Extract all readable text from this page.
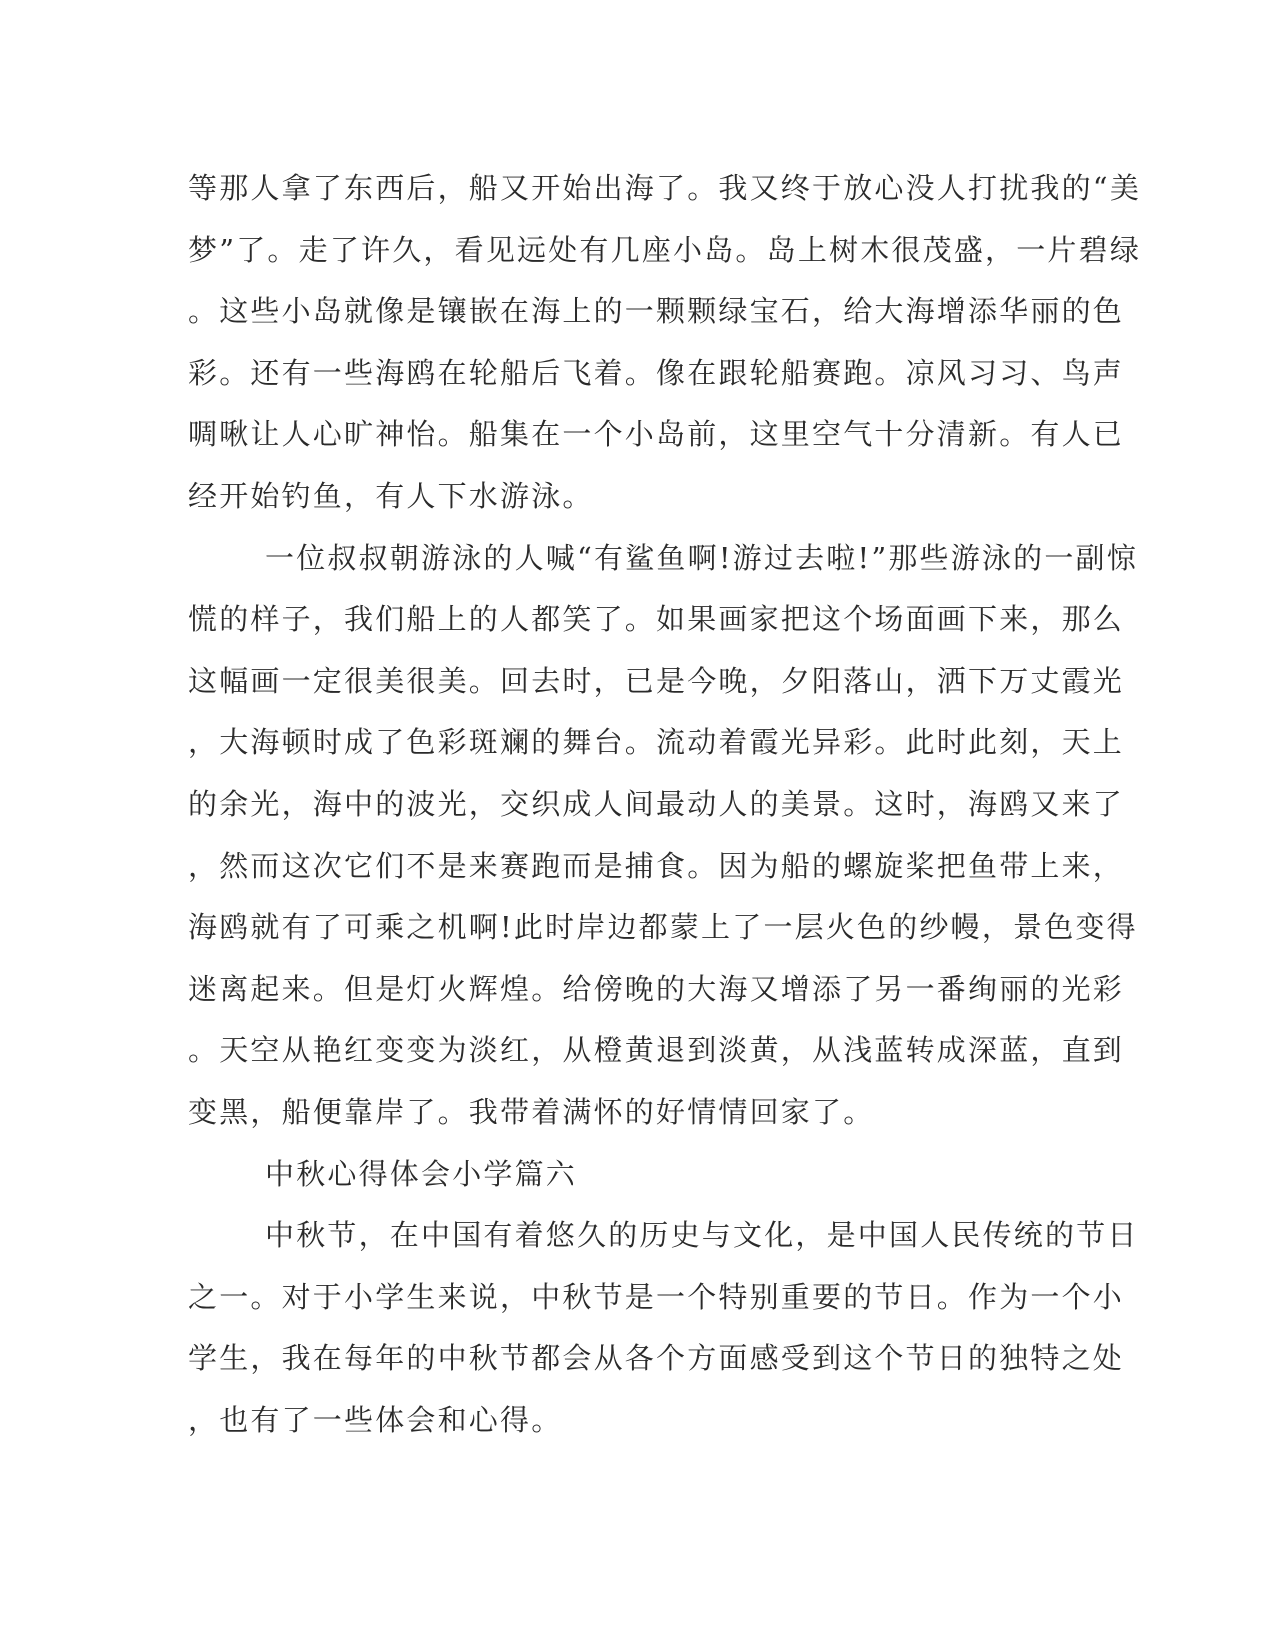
等那人拿了东西后，船又开始出海了。我又终于放心没人打扰我的“美
梦”了。走了许久，看见远处有几座小岛。岛上树木很茂盛，一片碧绿
。这些小岛就像是镶嵌在海上的一颗颗绿宝石，给大海增添华丽的色
彩。还有一些海鸥在轮船后飞着。像在跟轮船赛跑。凉风习习、鸟声
啁啾让人心旷神怡。船集在一个小岛前，这里空气十分清新。有人已
经开始钓鱼，有人下水游泳。
一位叔叔朝游泳的人喊“有鲨鱼啊!游过去啦!”那些游泳的一副惊
慌的样子，我们船上的人都笑了。如果画家把这个场面画下来，那么
这幅画一定很美很美。回去时，已是今晚，夕阳落山，洒下万丈霞光
，大海顿时成了色彩斑斓的舞台。流动着霞光异彩。此时此刻，天上
的余光，海中的波光，交织成人间最动人的美景。这时，海鸥又来了
，然而这次它们不是来赛跑而是捕食。因为船的螺旋桨把鱼带上来，
海鸥就有了可乘之机啊!此时岸边都蒙上了一层火色的纱幔，景色变得
迷离起来。但是灯火辉煌。给傍晚的大海又增添了另一番绚丽的光彩
。天空从艳红变变为淡红，从橙黄退到淡黄，从浅蓝转成深蓝，直到
变黑，船便靠岸了。我带着满怀的好情情回家了。
中秋心得体会小学篇六
中秋节，在中国有着悠久的历史与文化，是中国人民传统的节日
之一。对于小学生来说，中秋节是一个特别重要的节日。作为一个小
学生，我在每年的中秋节都会从各个方面感受到这个节日的独特之处
，也有了一些体会和心得。
